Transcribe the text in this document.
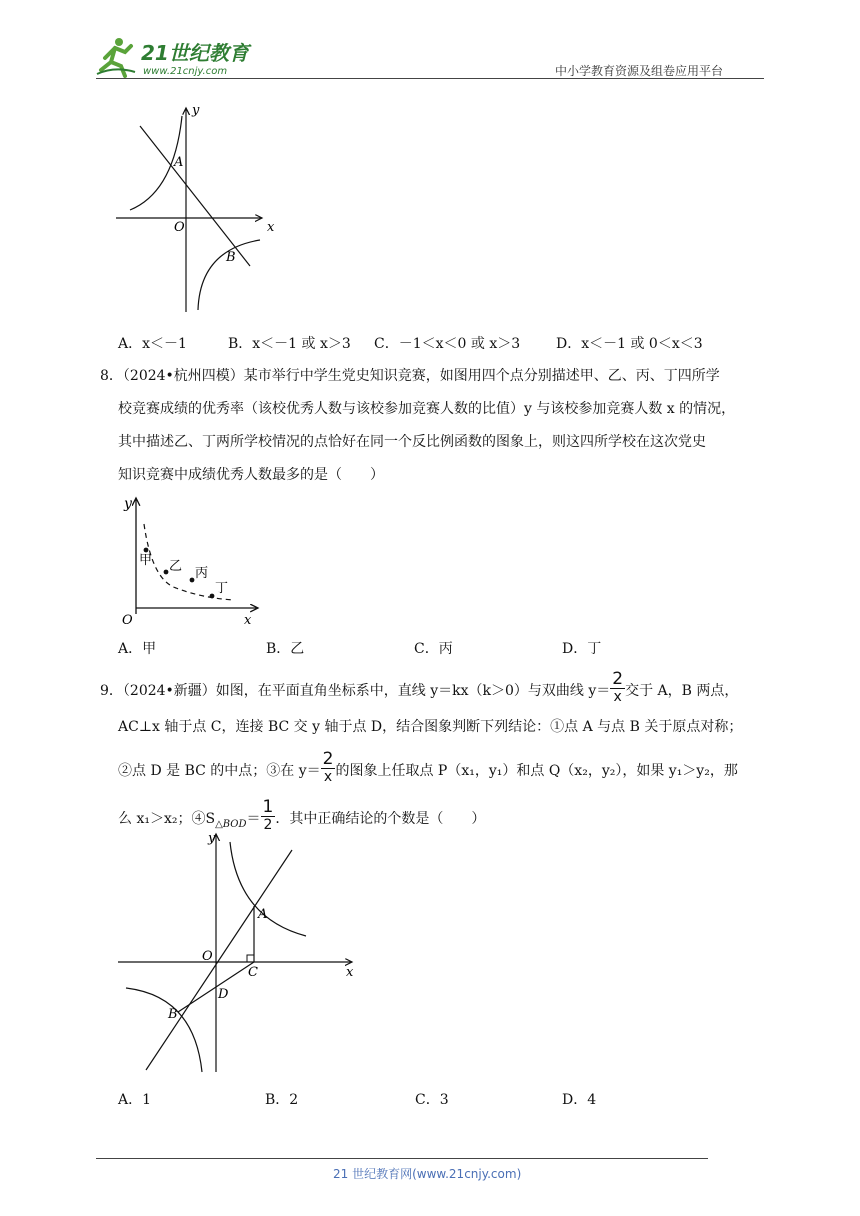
21世纪教育
www.21cnjy.com	中小学教育资源及组卷应用平台
y
x
O
A
B
A．x＜－1	B．x＜－1 或 x＞3 C．－1＜x＜0 或 x＞3	D．x＜－1 或 0＜x＜3
8．（2024•杭州四模）某市举行中学生党史知识竞赛，如图用四个点分别描述甲、乙、丙、丁四所学
校竞赛成绩的优秀率（该校优秀人数与该校参加竞赛人数的比值）y 与该校参加竞赛人数 x 的情况，
其中描述乙、丁两所学校情况的点恰好在同一个反比例函数的图象上，则这四所学校在这次党史
知识竞赛中成绩优秀人数最多的是（　　）
y
x
O
甲 乙 丙
丁
A．甲	B．乙	C．丙	D．丁
9．（2024•新疆）如图，在平面直角坐标系中，直线 y＝kx（k＞0）与双曲线 $y= \frac{2}{x}$ 交于 A，B 两点，
AC⊥x 轴于点 C，连接 BC 交 y 轴于点 D，结合图象判断下列结论：①点 A 与点 B 关于原点对称；
②点 D 是 BC 的中点；③在 $y= \frac{2}{x}$ 的图象上任取点 P（x₁，y₁）和点 Q（x₂，y₂），如果 y₁＞y₂，那
么 x₁＞x₂；$④S_{\triangle BOD}= \frac{1}{2}$ ．其中正确结论的个数是（　　）
y
x
O
A
B
C
D
A．1	B．2	C．3	D．4
21 世纪教育网(www.21cnjy.com)
